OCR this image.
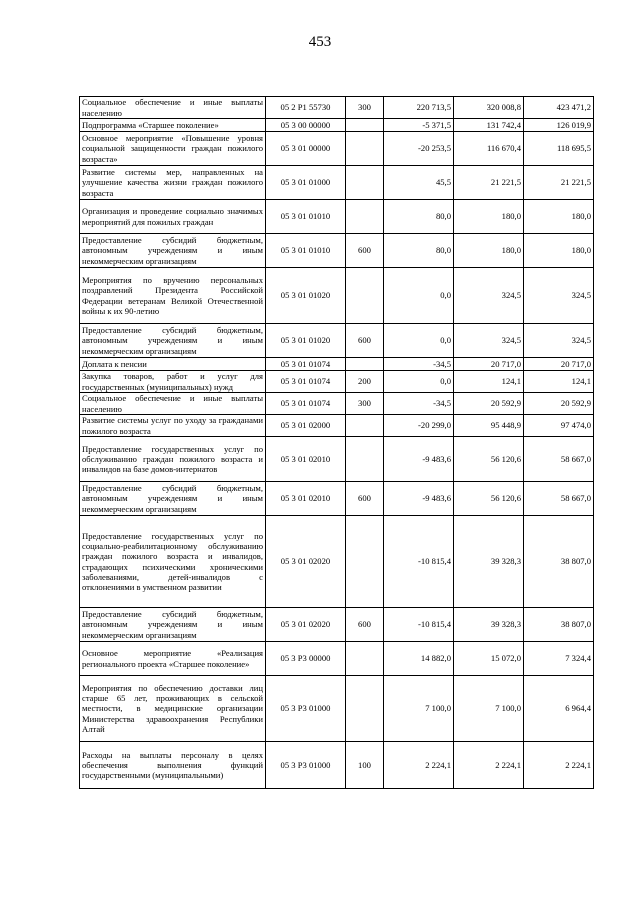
453
Социальное обеспечение и иные выплаты населению	05 2 P1 55730	300	220 713,5	320 008,8	423 471,2
Подпрограмма «Старшее поколение»	05 3 00 00000		-5 371,5	131 742,4	126 019,9
Основное мероприятие «Повышение уровня социальной защищенности граждан пожилого возраста»	05 3 01 00000		-20 253,5	116 670,4	118 695,5
Развитие системы мер, направленных на улучшение качества жизни граждан пожилого возраста	05 3 01 01000		45,5	21 221,5	21 221,5
Организация и проведение социально значимых мероприятий для пожилых граждан	05 3 01 01010		80,0	180,0	180,0
Предоставление субсидий бюджетным, автономным учреждениям и иным некоммерческим организациям	05 3 01 01010	600	80,0	180,0	180,0
Мероприятия по вручению персональных поздравлений Президента Российской Федерации ветеранам Великой Отечественной войны к их 90-летию	05 3 01 01020		0,0	324,5	324,5
Предоставление субсидий бюджетным, автономным учреждениям и иным некоммерческим организациям	05 3 01 01020	600	0,0	324,5	324,5
Доплата к пенсии	05 3 01 01074		-34,5	20 717,0	20 717,0
Закупка товаров, работ и услуг для государственных (муниципальных) нужд	05 3 01 01074	200	0,0	124,1	124,1
Социальное обеспечение и иные выплаты населению	05 3 01 01074	300	-34,5	20 592,9	20 592,9
Развитие системы услуг по уходу за гражданами пожилого возраста	05 3 01 02000		-20 299,0	95 448,9	97 474,0
Предоставление государственных услуг по обслуживанию граждан пожилого возраста и инвалидов на базе домов-интернатов	05 3 01 02010		-9 483,6	56 120,6	58 667,0
Предоставление субсидий бюджетным, автономным учреждениям и иным некоммерческим организациям	05 3 01 02010	600	-9 483,6	56 120,6	58 667,0
Предоставление государственных услуг по социально-реабилитационному обслуживанию граждан пожилого возраста и инвалидов, страдающих психическими хроническими заболеваниями, детей-инвалидов с отклонениями в умственном развитии	05 3 01 02020		-10 815,4	39 328,3	38 807,0
Предоставление субсидий бюджетным, автономным учреждениям и иным некоммерческим организациям	05 3 01 02020	600	-10 815,4	39 328,3	38 807,0
Основное мероприятие «Реализация регионального проекта «Старшее поколение»	05 3 P3 00000		14 882,0	15 072,0	7 324,4
Мероприятия по обеспечению доставки лиц старше 65 лет, проживающих в сельской местности, в медицинские организации Министерства здравоохранения Республики Алтай	05 3 P3 01000		7 100,0	7 100,0	6 964,4
Расходы на выплаты персоналу в целях обеспечения выполнения функций государственными (муниципальными)	05 3 P3 01000	100	2 224,1	2 224,1	2 224,1
